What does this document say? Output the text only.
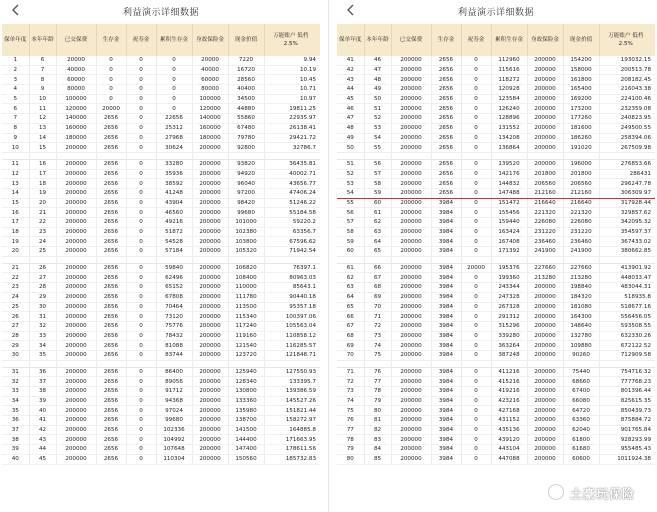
利益演示详细数据
保单年度	本年年龄	已交保费	生存金	祝寿金	累积生存金	身故保险金	现金价值	万能账户 低档 2.5%
1	6	20000	0	0	0	20000	7220	9.94
2	7	40000	0	0	0	40000	16720	10.19
3	8	60000	0	0	0	60000	28560	10.45
4	9	80000	0	0	0	80000	40400	10.71
5	10	100000	0	0	0	100000	34500	10.97
6	11	120000	20000	0	0	120000	44880	19811.25
7	12	140000	2656	0	22656	140000	55860	22935.97
8	13	160000	2656	0	25312	160000	67480	26138.41
9	14	180000	2656	0	27968	180000	79780	29421.72
10	15	200000	2656	0	30624	200000	92800	32786.7

11	16	200000	2656	0	33280	200000	93820	36435.81
12	17	200000	2656	0	35936	200000	94920	40002.71
13	18	200000	2656	0	38592	200000	96040	43656.77
14	19	200000	2656	0	41248	200000	97200	47406.24
15	20	200000	2656	0	43904	200000	98420	51246.22
16	21	200000	2656	0	46560	200000	99680	55184.58
17	22	200000	2656	0	49216	200000	101000	59220.2
18	23	200000	2656	0	51872	200000	102380	63356.7
19	24	200000	2656	0	54528	200000	103800	67596.62
20	25	200000	2656	0	57184	200000	105320	71942.54

21	26	200000	2656	0	59840	200000	106820	76397.1
22	27	200000	2656	0	62496	200000	108400	80963.03
23	28	200000	2656	0	65152	200000	110000	85643.1
24	29	200000	2656	0	67808	200000	111780	90440.18
25	30	200000	2656	0	70464	200000	113500	95357.18
26	31	200000	2656	0	73120	200000	115340	100397.06
27	32	200000	2656	0	75776	200000	117240	105563.04
28	33	200000	2656	0	78432	200000	119160	110858.12
29	34	200000	2656	0	81088	200000	121540	116285.57
30	35	200000	2656	0	83744	200000	123720	121848.71

31	36	200000	2656	0	86400	200000	125940	127550.93
32	37	200000	2656	0	89056	200000	128340	133395.7
33	38	200000	2656	0	91712	200000	130800	139386.59
34	39	200000	2656	0	94368	200000	133360	145527.26
35	40	200000	2656	0	97024	200000	135980	151821.44
36	41	200000	2656	0	99680	200000	138700	158272.97
37	42	200000	2656	0	102336	200000	141500	164885.8
38	43	200000	2656	0	104992	200000	144400	171663.95
39	44	200000	2656	0	107648	200000	147400	178611.56
40	45	200000	2656	0	110304	200000	150560	185732.83
利益演示详细数据
保单年度	本年年龄	已交保费	生存金	祝寿金	累积生存金	身故保险金	现金价值	万能账户 低档 2.5%
41	46	200000	2656	0	112960	200000	154200	193032.15
42	47	200000	2656	0	115616	200000	158000	200513.78
43	48	200000	2656	0	118272	200000	161800	208182.45
44	49	200000	2656	0	120928	200000	165400	216043.38
45	50	200000	2656	0	123584	200000	169200	224100.46
46	51	200000	2656	0	126240	200000	173200	232359.08
47	52	200000	2656	0	128896	200000	177260	240823.95
48	53	200000	2656	0	131552	200000	181600	249500.55
49	54	200000	2656	0	134208	200000	186260	258394.06
50	55	200000	2656	0	136864	200000	191020	267509.98

51	56	200000	2656	0	139520	200000	196000	276853.66
52	57	200000	2656	0	142176	201800	201800	286431
53	58	200000	2656	0	144832	206560	206560	296247.78
54	59	200000	2656	0	147488	212160	212160	306309.97
55	60	200000	3984	0	151472	216640	216640	317928.44
56	61	200000	3984	0	155456	221320	221320	329857.62
57	62	200000	3984	0	159440	226080	226080	342095.32
58	63	200000	3984	0	163424	231220	231220	354597.37
59	64	200000	3984	0	167408	236460	236460	367433.02
60	65	200000	3984	0	171392	241900	241900	380662.85

61	66	200000	3984	20000	195376	227660	227660	413901.92
62	67	200000	3984	0	199360	213280	213280	448033.47
63	68	200000	3984	0	243344	200000	198840	483044.31
64	69	200000	3984	0	247328	200000	184320	518935.8
65	70	200000	3984	0	267328	200000	181080	518677.16
66	71	200000	3984	0	291312	200000	164300	556456.05
67	72	200000	3984	0	315296	200000	148640	593508.55
68	73	200000	3984	0	339280	200000	132780	632330.26
69	74	200000	3984	0	363264	200000	109880	672122.52
70	75	200000	3984	0	387248	200000	90260	712909.58

71	76	200000	3984	0	411216	200000	75440	754716.32
72	77	200000	3984	0	415216	200000	68660	777768.23
73	78	200000	3984	0	419216	200000	67400	801396.44
74	79	200000	3984	0	423216	200000	66080	825615.35
75	80	200000	3984	0	427168	200000	64720	850439.73
76	81	200000	3984	0	431152	200000	63360	875884.72
77	82	200000	3984	0	435136	200000	62040	901765.84
78	83	200000	3984	0	439120	200000	61800	928293.99
79	84	200000	3984	0	443104	200000	61680	955485.43
80	85	200000	3984	0	447088	200000	60600	1011924.38
土豪玩保险
